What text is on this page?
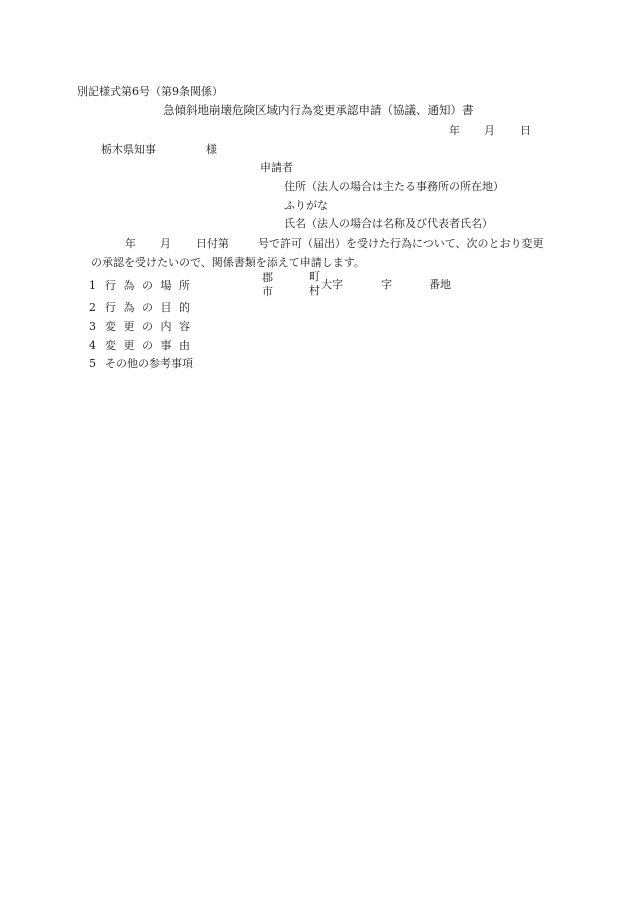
別記様式第6号（第9条関係）
急傾斜地崩壊危険区域内行為変更承認申請（協議、通知）書
年 月 日
栃木県知事	様
申請者
住所（法人の場合は主たる事務所の所在地）
ふりがな
氏名（法人の場合は名称及び代表者氏名）
年 月 日付第	号で許可（届出）を受けた行為について、次のとおり変更
の承認を受けたいので、関係書類を添えて申請します。
1 行 為 の 場 所
2 行 為 の 目 的
3 変 更 の 内 容
4 変 更 の 事 由
5 その他の参考事項
郡
市
町
村 大字	字	番地
